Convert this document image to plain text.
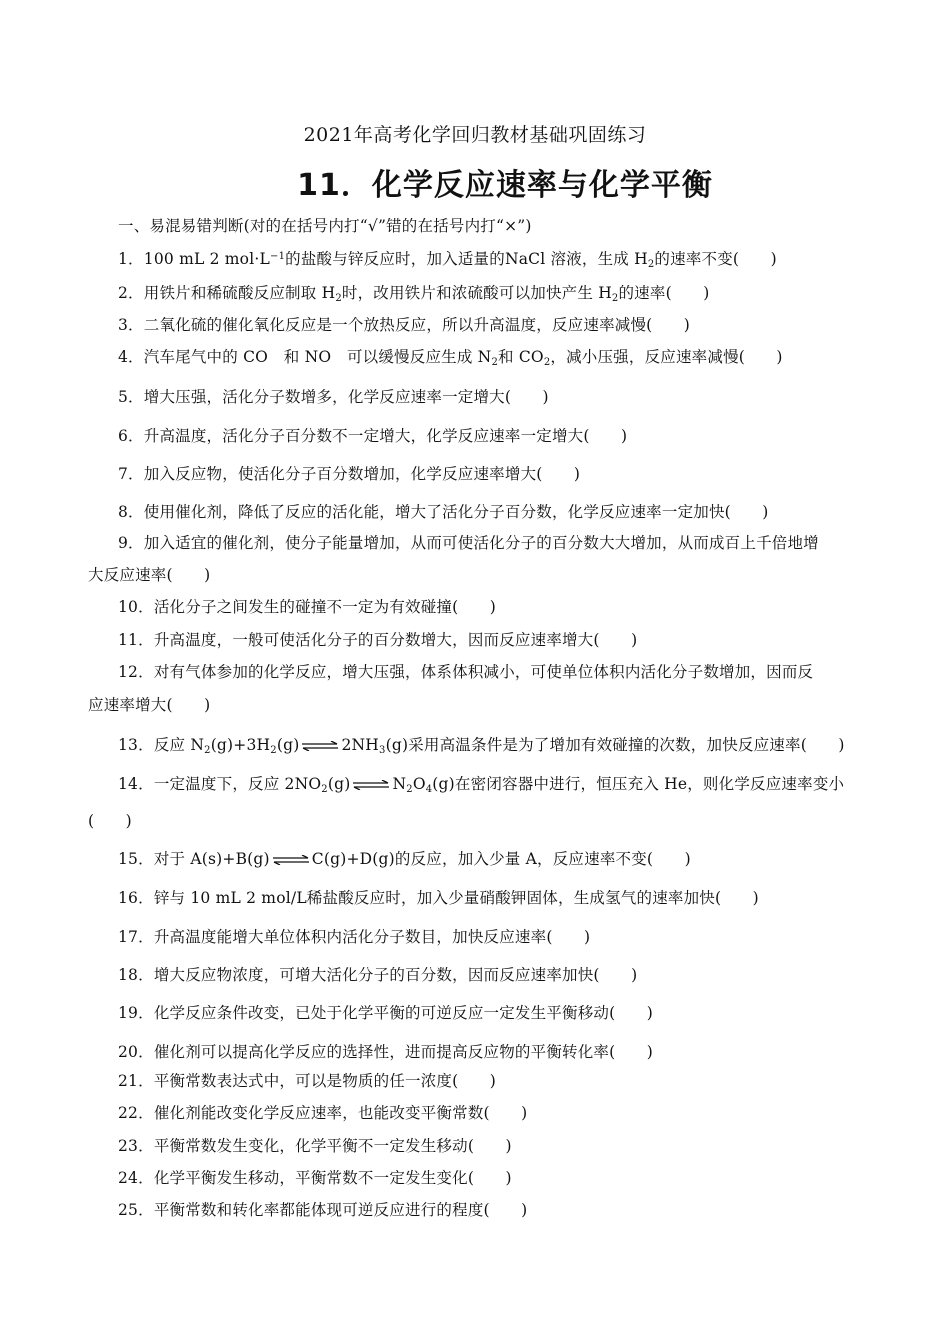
2021年高考化学回归教材基础巩固练习
11．化学反应速率与化学平衡
一、易混易错判断(对的在括号内打“√”错的在括号内打“×”)
1．100 mL 2 $mol\cdot L^{-1}$的盐酸与锌反应时，加入适量的NaCl 溶液，生成 $H_2$的速率不变(　　)
2．用铁片和稀硫酸反应制取 $H_2$时，改用铁片和浓硫酸可以加快产生 $H_2$的速率(　　)
3．二氧化硫的催化氧化反应是一个放热反应，所以升高温度，反应速率减慢(　　)
4．汽车尾气中的 CO　和 NO　可以缓慢反应生成 $N_2$和 $CO_2$，减小压强，反应速率减慢(　　)
5．增大压强，活化分子数增多，化学反应速率一定增大(　　)
6．升高温度，活化分子百分数不一定增大，化学反应速率一定增大(　　)
7．加入反应物，使活化分子百分数增加，化学反应速率增大(　　)
8．使用催化剂，降低了反应的活化能，增大了活化分子百分数，化学反应速率一定加快(　　)
9．加入适宜的催化剂，使分子能量增加，从而可使活化分子的百分数大大增加，从而成百上千倍地增
大反应速率(　　)
10．活化分子之间发生的碰撞不一定为有效碰撞(　　)
11．升高温度，一般可使活化分子的百分数增大，因而反应速率增大(　　)
12．对有气体参加的化学反应，增大压强，体系体积减小，可使单位体积内活化分子数增加，因而反
应速率增大(　　)
13．反应 $N_2(g)+3H_2(g)$ ⇌ $2NH_3(g)$采用高温条件是为了增加有效碰撞的次数，加快反应速率(　　)
14．一定温度下，反应 $2NO_2(g)$ ⇌ $N_2O_4(g)$在密闭容器中进行，恒压充入 He，则化学反应速率变小
(　　)
15．对于 A(s)+B(g) ⇌ C(g)+D(g)的反应，加入少量 A，反应速率不变(　　)
16．锌与 10 mL 2 mol/L稀盐酸反应时，加入少量硝酸钾固体，生成氢气的速率加快(　　)
17．升高温度能增大单位体积内活化分子数目，加快反应速率(　　)
18．增大反应物浓度，可增大活化分子的百分数，因而反应速率加快(　　)
19．化学反应条件改变，已处于化学平衡的可逆反应一定发生平衡移动(　　)
20．催化剂可以提高化学反应的选择性，进而提高反应物的平衡转化率(　　)
21．平衡常数表达式中，可以是物质的任一浓度(　　)
22．催化剂能改变化学反应速率，也能改变平衡常数(　　)
23．平衡常数发生变化，化学平衡不一定发生移动(　　)
24．化学平衡发生移动，平衡常数不一定发生变化(　　)
25．平衡常数和转化率都能体现可逆反应进行的程度(　　)
